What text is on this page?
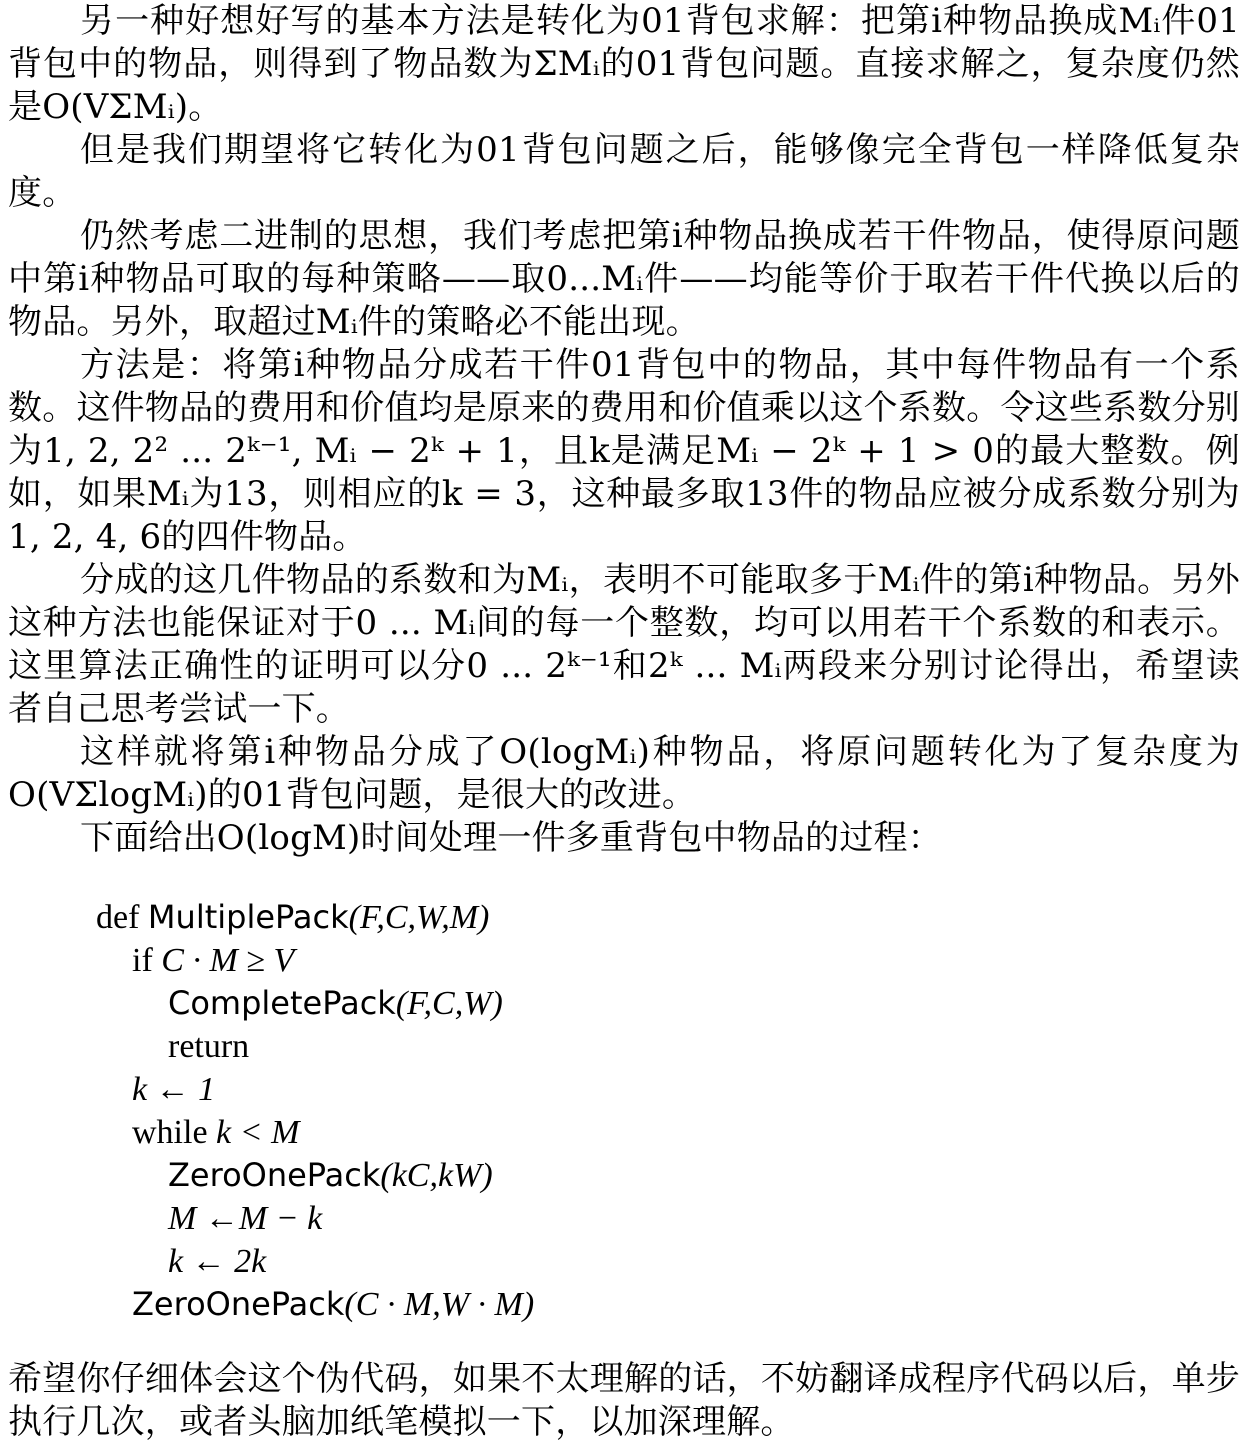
另一种好想好写的基本方法是转化为01背包求解：把第i种物品换成Mᵢ件01背包中的物品，则得到了物品数为ΣMᵢ的01背包问题。直接求解之，复杂度仍然是O(VΣMᵢ)。

但是我们期望将它转化为01背包问题之后，能够像完全背包一样降低复杂度。

仍然考虑二进制的思想，我们考虑把第i种物品换成若干件物品，使得原问题中第i种物品可取的每种策略——取0...Mᵢ件——均能等价于取若干件代换以后的物品。另外，取超过Mᵢ件的策略必不能出现。

方法是：将第i种物品分成若干件01背包中的物品，其中每件物品有一个系数。这件物品的费用和价值均是原来的费用和价值乘以这个系数。令这些系数分别为1, 2, 2² ... 2ᵏ⁻¹, Mᵢ − 2ᵏ + 1，且k是满足Mᵢ − 2ᵏ + 1 > 0的最大整数。例如，如果Mᵢ为13，则相应的k = 3，这种最多取13件的物品应被分成系数分别为1, 2, 4, 6的四件物品。

分成的这几件物品的系数和为Mᵢ，表明不可能取多于Mᵢ件的第i种物品。另外这种方法也能保证对于0 ... Mᵢ间的每一个整数，均可以用若干个系数的和表示。这里算法正确性的证明可以分0 ... 2ᵏ⁻¹和2ᵏ ... Mᵢ两段来分别讨论得出，希望读者自己思考尝试一下。

这样就将第i种物品分成了O(logMᵢ)种物品，将原问题转化为了复杂度为O(VΣlogMᵢ)的01背包问题，是很大的改进。

下面给出O(logM)时间处理一件多重背包中物品的过程：

def MultiplePack(F,C,W,M)
if C · M ≥ V
CompletePack(F,C,W)
return
k ← 1
while k < M
ZeroOnePack(kC,kW)
M ←M − k
k ← 2k
ZeroOnePack(C · M,W · M)

希望你仔细体会这个伪代码，如果不太理解的话，不妨翻译成程序代码以后，单步执行几次，或者头脑加纸笔模拟一下，以加深理解。
